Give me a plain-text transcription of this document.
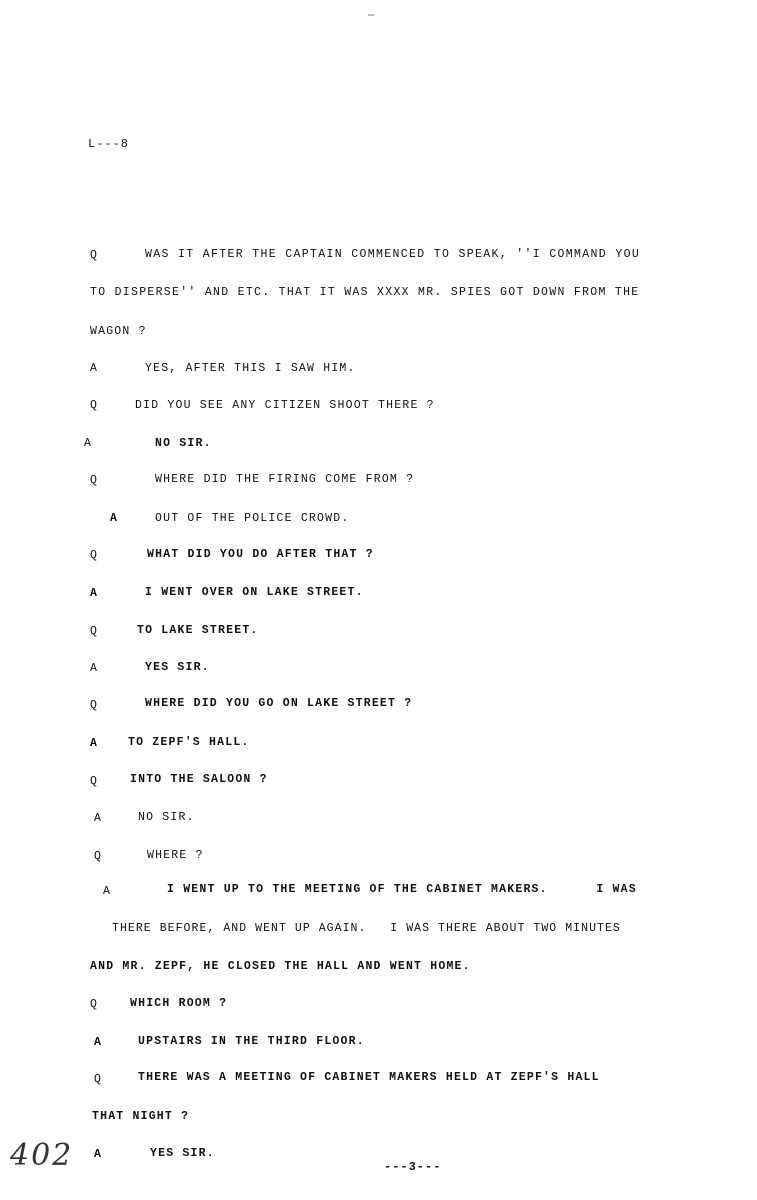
L---8
Q	WAS IT AFTER THE CAPTAIN COMMENCED TO SPEAK, ''I COMMAND YOU
TO DISPERSE'' AND ETC. THAT IT WAS XXXX MR. SPIES GOT DOWN FROM THE
WAGON ?
A	YES, AFTER THIS I SAW HIM.
Q	DID YOU SEE ANY CITIZEN SHOOT THERE ?
A	NO SIR.
Q	WHERE DID THE FIRING COME FROM ?
A	OUT OF THE POLICE CROWD.
Q	WHAT DID YOU DO AFTER THAT ?
A	I WENT OVER ON LAKE STREET.
Q	TO LAKE STREET.
A	YES SIR.
Q	WHERE DID YOU GO ON LAKE STREET ?
A	TO ZEPF'S HALL.
Q	INTO THE SALOON ?
A	NO SIR.
Q	WHERE ?
A	I WENT UP TO THE MEETING OF THE CABINET MAKERS.      I WAS
THERE BEFORE, AND WENT UP AGAIN.   I WAS THERE ABOUT TWO MINUTES
AND MR. ZEPF, HE CLOSED THE HALL AND WENT HOME.
Q	WHICH ROOM ?
A	UPSTAIRS IN THE THIRD FLOOR.
Q	THERE WAS A MEETING OF CABINET MAKERS HELD AT ZEPF'S HALL
THAT NIGHT ?
A	YES SIR.
402	---3---
